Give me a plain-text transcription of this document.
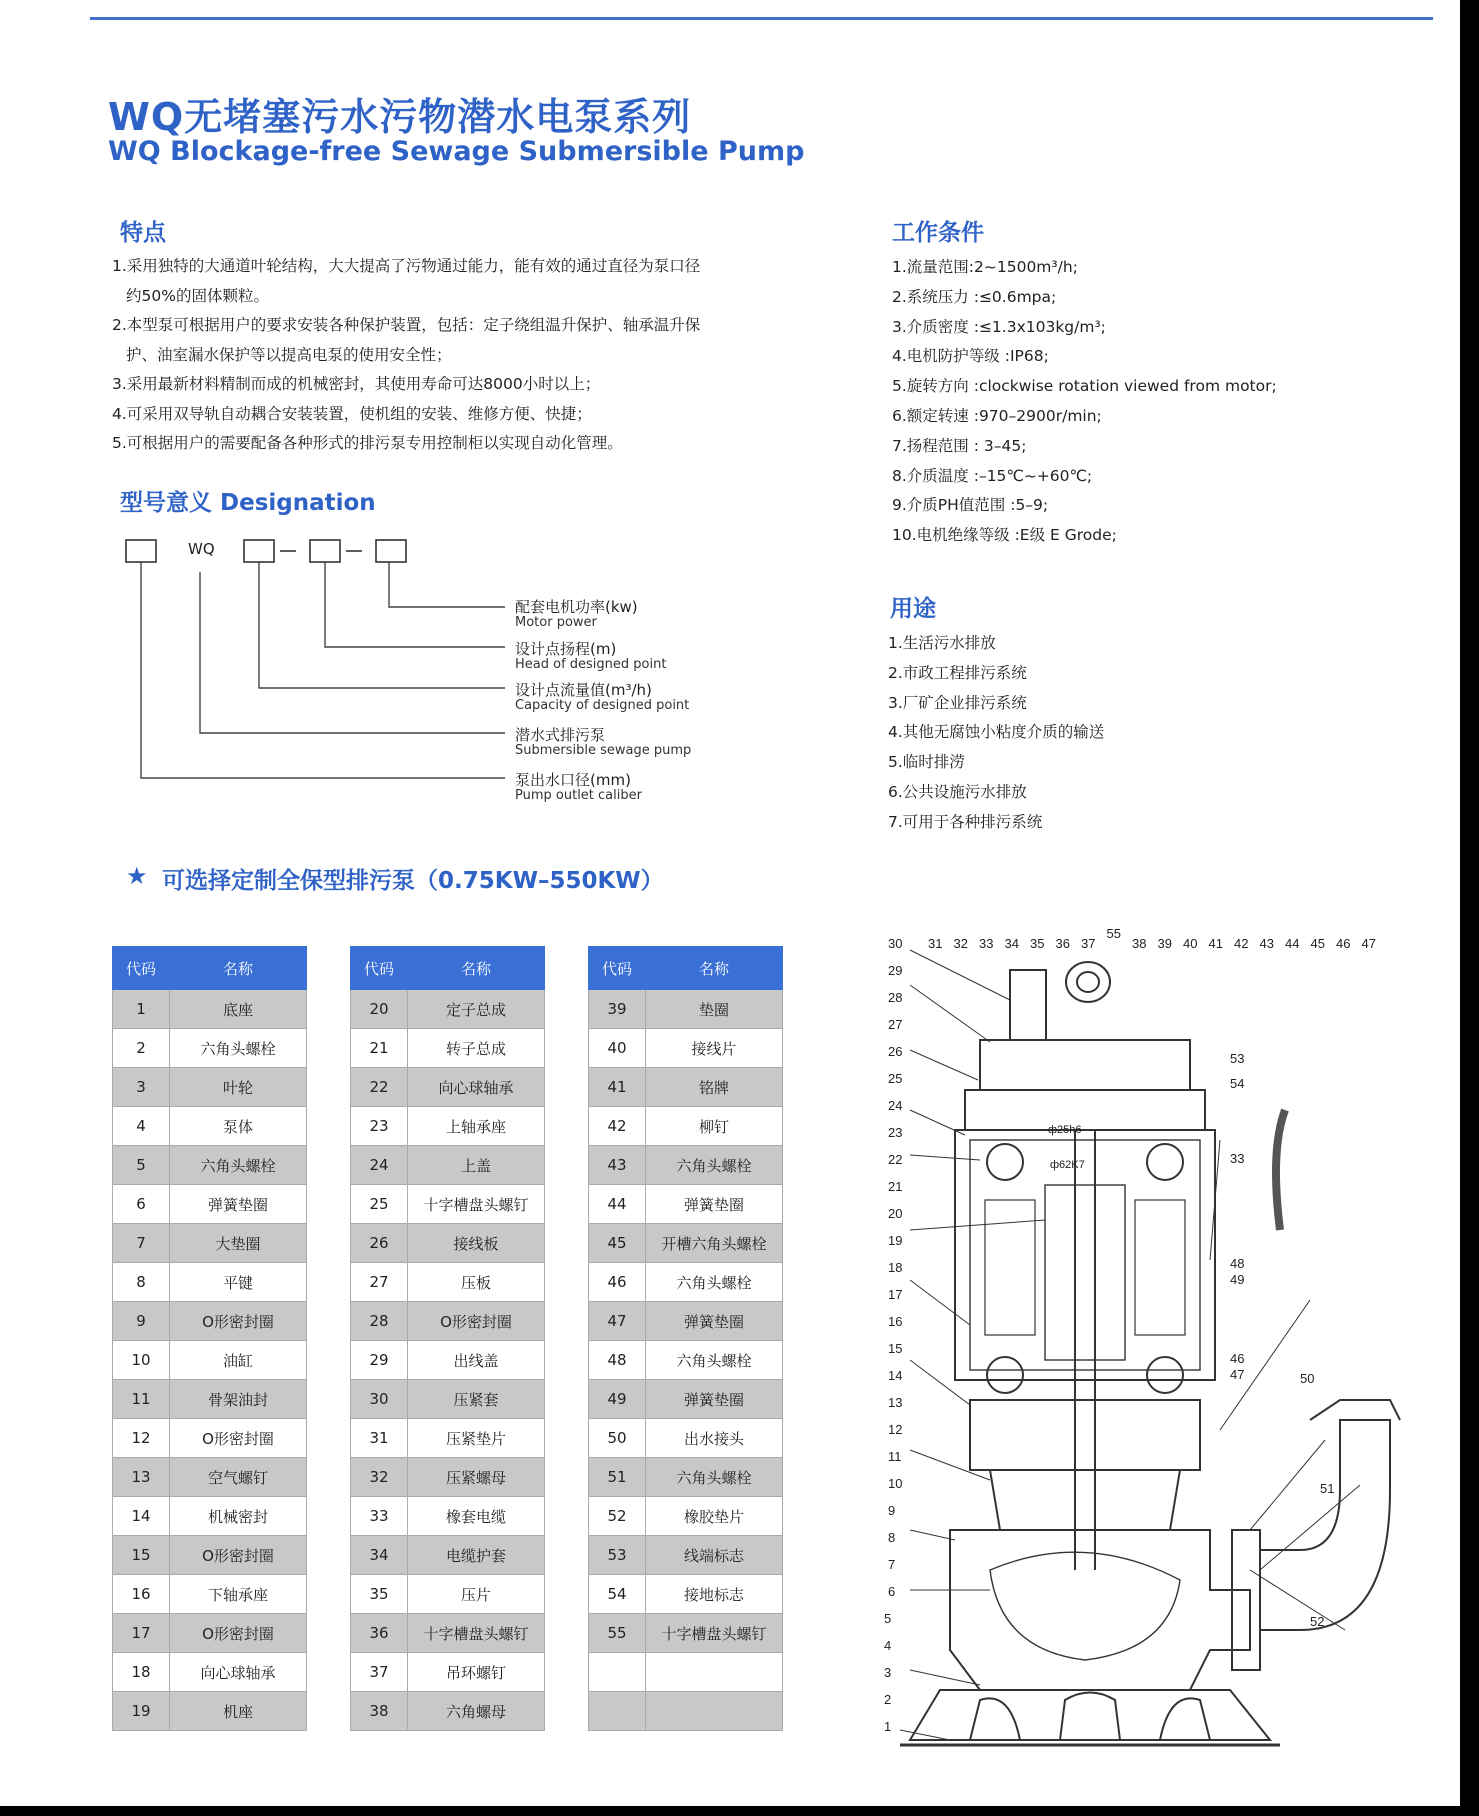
WQ无堵塞污水污物潜水电泵系列
WQ Blockage-free Sewage Submersible Pump
特点
1.采用独特的大通道叶轮结构，大大提高了污物通过能力，能有效的通过直径为泵口径
约50%的固体颗粒。
2.本型泵可根据用户的要求安装各种保护装置，包括：定子绕组温升保护、轴承温升保
护、油室漏水保护等以提高电泵的使用安全性；
3.采用最新材料精制而成的机械密封，其使用寿命可达8000小时以上；
4.可采用双导轨自动耦合安装装置，使机组的安装、维修方便、快捷；
5.可根据用户的需要配备各种形式的排污泵专用控制柜以实现自动化管理。
型号意义 Designation
WQ
配套电机功率(kw)
Motor power
设计点扬程(m)
Head of designed point
设计点流量值(m³/h)
Capacity of designed point
潜水式排污泵
Submersible sewage pump
泵出水口径(mm)
Pump outlet caliber
工作条件
1.流量范围:2~1500m³/h;
2.系统压力 :≤0.6mpa;
3.介质密度 :≤1.3x103kg/m³;
4.电机防护等级 :IP68;
5.旋转方向 :clockwise rotation viewed from motor;
6.额定转速 :970–2900r/min;
7.扬程范围 : 3–45;
8.介质温度 :–15℃~+60℃;
9.介质PH值范围 :5–9;
10.电机绝缘等级 :E级 E Grode;
用途
1.生活污水排放
2.市政工程排污系统
3.厂矿企业排污系统
4.其他无腐蚀小粘度介质的输送
5.临时排涝
6.公共设施污水排放
7.可用于各种排污系统
★ 可选择定制全保型排污泵（0.75KW–550KW）
代码	名称
1	底座
2	六角头螺栓
3	叶轮
4	泵体
5	六角头螺栓
6	弹簧垫圈
7	大垫圈
8	平键
9	O形密封圈
10	油缸
11	骨架油封
12	O形密封圈
13	空气螺钉
14	机械密封
15	O形密封圈
16	下轴承座
17	O形密封圈
18	向心球轴承
19	机座
代码	名称
20	定子总成
21	转子总成
22	向心球轴承
23	上轴承座
24	上盖
25	十字槽盘头螺钉
26	接线板
27	压板
28	O形密封圈
29	出线盖
30	压紧套
31	压紧垫片
32	压紧螺母
33	橡套电缆
34	电缆护套
35	压片
36	十字槽盘头螺钉
37	吊环螺钉
38	六角螺母
代码	名称
39	垫圈
40	接线片
41	铭牌
42	柳钉
43	六角头螺栓
44	弹簧垫圈
45	开槽六角头螺栓
46	六角头螺栓
47	弹簧垫圈
48	六角头螺栓
49	弹簧垫圈
50	出水接头
51	六角头螺栓
52	橡胶垫片
53	线端标志
54	接地标志
55	十字槽盘头螺钉

30
29
28
27
26
25
24
23
22
21
20
19
18
17
16
15
14
13
12
11
10
9
8
7
6
5
4
3
2
1
31 32 33 34 35 36 37
55
38 39 40 41 42 43 44 45 46 47
53
54
33
48
49
46
47	50
51
52
ф25h6
ф62K7
